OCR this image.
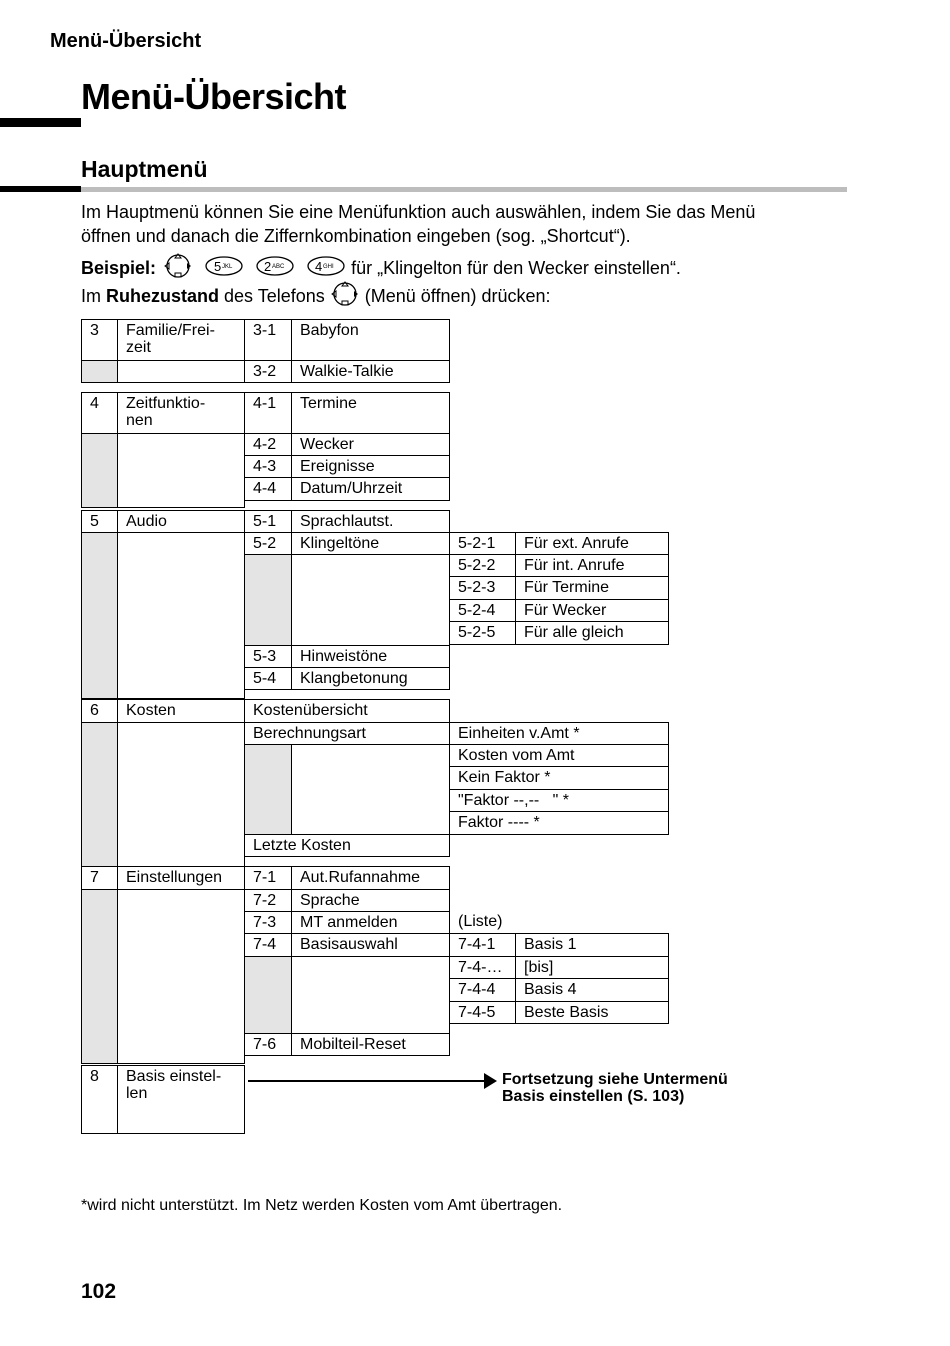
Menü-Übersicht
Menü-Übersicht
Hauptmenü
Im Hauptmenü können Sie eine Menüfunktion auch auswählen, indem Sie das Menü
öffnen und danach die Ziffernkombination eingeben (sog. „Shortcut“).
Beispiel:	5 JKL
2 ABC
4 GHI für „Klingelton für den Wecker einstellen“.
Im Ruhezustand des Telefons  (Menü öffnen) drücken:
3	Familie/Frei-
zeit
3-1	Babyfon
3-2	Walkie-Talkie
4	Zeitfunktio-
nen
4-1	Termine
4-2	Wecker
4-3	Ereignisse
4-4	Datum/Uhrzeit
5	Audio	5-1	Sprachlautst.
5-2	Klingeltöne	5-2-1	Für ext. Anrufe
5-2-2	Für int. Anrufe
5-2-3	Für Termine
5-2-4	Für Wecker
5-2-5	Für alle gleich
5-3	Hinweistöne
5-4	Klangbetonung
6	Kosten	Kostenübersicht
Berechnungsart	Einheiten v.Amt *
Kosten vom Amt
Kein Faktor *
"Faktor --,--   " *
Faktor ---- *
Letzte Kosten
7	Einstellungen	7-1	Aut.Rufannahme
7-2	Sprache
7-3	MT anmelden	(Liste)
7-4	Basisauswahl	7-4-1	Basis 1
7-4-…	[bis]
7-4-4	Basis 4
7-4-5	Beste Basis
7-6	Mobilteil-Reset
8	Basis einstel-
len
Fortsetzung siehe Untermenü
Basis einstellen (S. 103)
*wird nicht unterstützt. Im Netz werden Kosten vom Amt übertragen.
102
